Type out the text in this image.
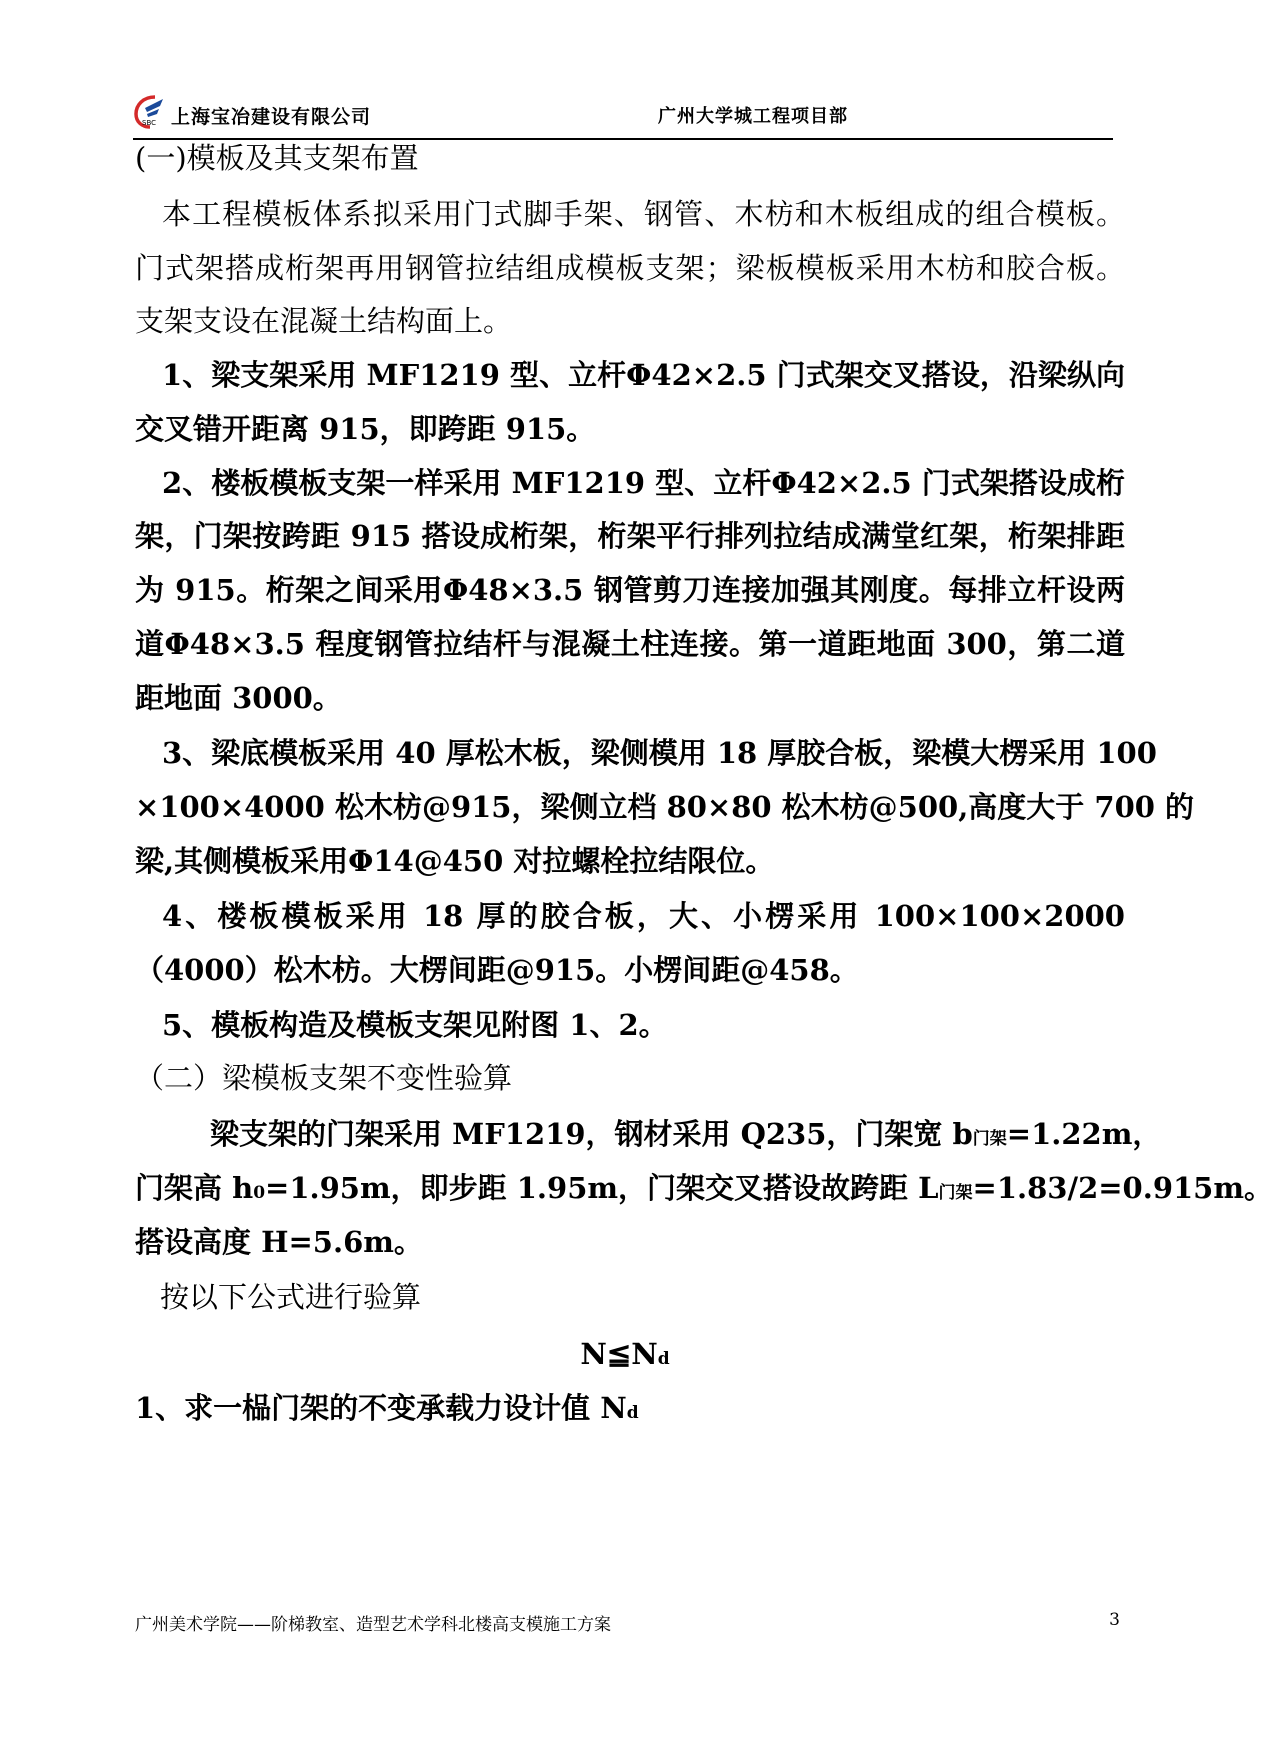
SBC 上海宝冶建设有限公司	广州大学城工程项目部
(一)模板及其支架布置
本工程模板体系拟采用门式脚手架、钢管、木枋和木板组成的组合模板。
门式架搭成桁架再用钢管拉结组成模板支架；梁板模板采用木枋和胶合板。
支架支设在混凝土结构面上。
1、梁支架采用 MF1219 型、立杆Φ42×2.5 门式架交叉搭设，沿梁纵向
交叉错开距离 915，即跨距 915。
2、楼板模板支架一样采用 MF1219 型、立杆Φ42×2.5 门式架搭设成桁
架，门架按跨距 915 搭设成桁架，桁架平行排列拉结成满堂红架，桁架排距
为 915。桁架之间采用Φ48×3.5 钢管剪刀连接加强其刚度。每排立杆设两
道Φ48×3.5 程度钢管拉结杆与混凝土柱连接。第一道距地面 300，第二道
距地面 3000。
3、梁底模板采用 40 厚松木板，梁侧模用 18 厚胶合板，梁模大楞采用 100
×100×4000 松木枋@915，梁侧立档 80×80 松木枋@500,高度大于 700 的
梁,其侧模板采用Φ14@450 对拉螺栓拉结限位。
4、楼板模板采用 18 厚的胶合板，大、小楞采用 100×100×2000
（4000）松木枋。大楞间距@915。小楞间距@458。
5、模板构造及模板支架见附图 1、2。
（二）梁模板支架不变性验算
梁支架的门架采用 MF1219，钢材采用 Q235，门架宽 b门架=1.22m，
门架高 h0=1.95m，即步距 1.95m，门架交叉搭设故跨距 L门架=1.83/2=0.915m。
搭设高度 H=5.6m。
按以下公式进行验算
N≦Nd
1、求一榀门架的不变承载力设计值 Nd
广州美术学院——阶梯教室、造型艺术学科北楼高支模施工方案	3
